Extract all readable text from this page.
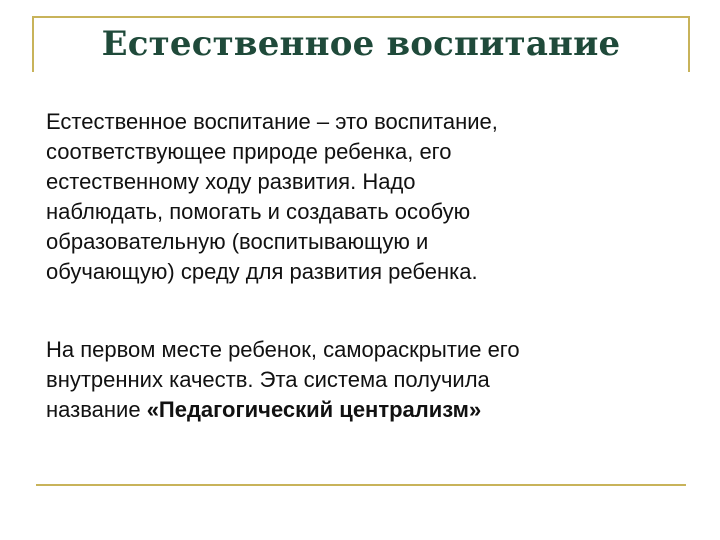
Естественное воспитание

Естественное воспитание – это воспитание,
соответствующее природе ребенка, его
естественному ходу развития. Надо
наблюдать, помогать и создавать особую
образовательную (воспитывающую и
обучающую) среду для развития ребенка.

На первом месте ребенок, самораскрытие его
внутренних качеств. Эта система получила
название «Педагогический централизм»
